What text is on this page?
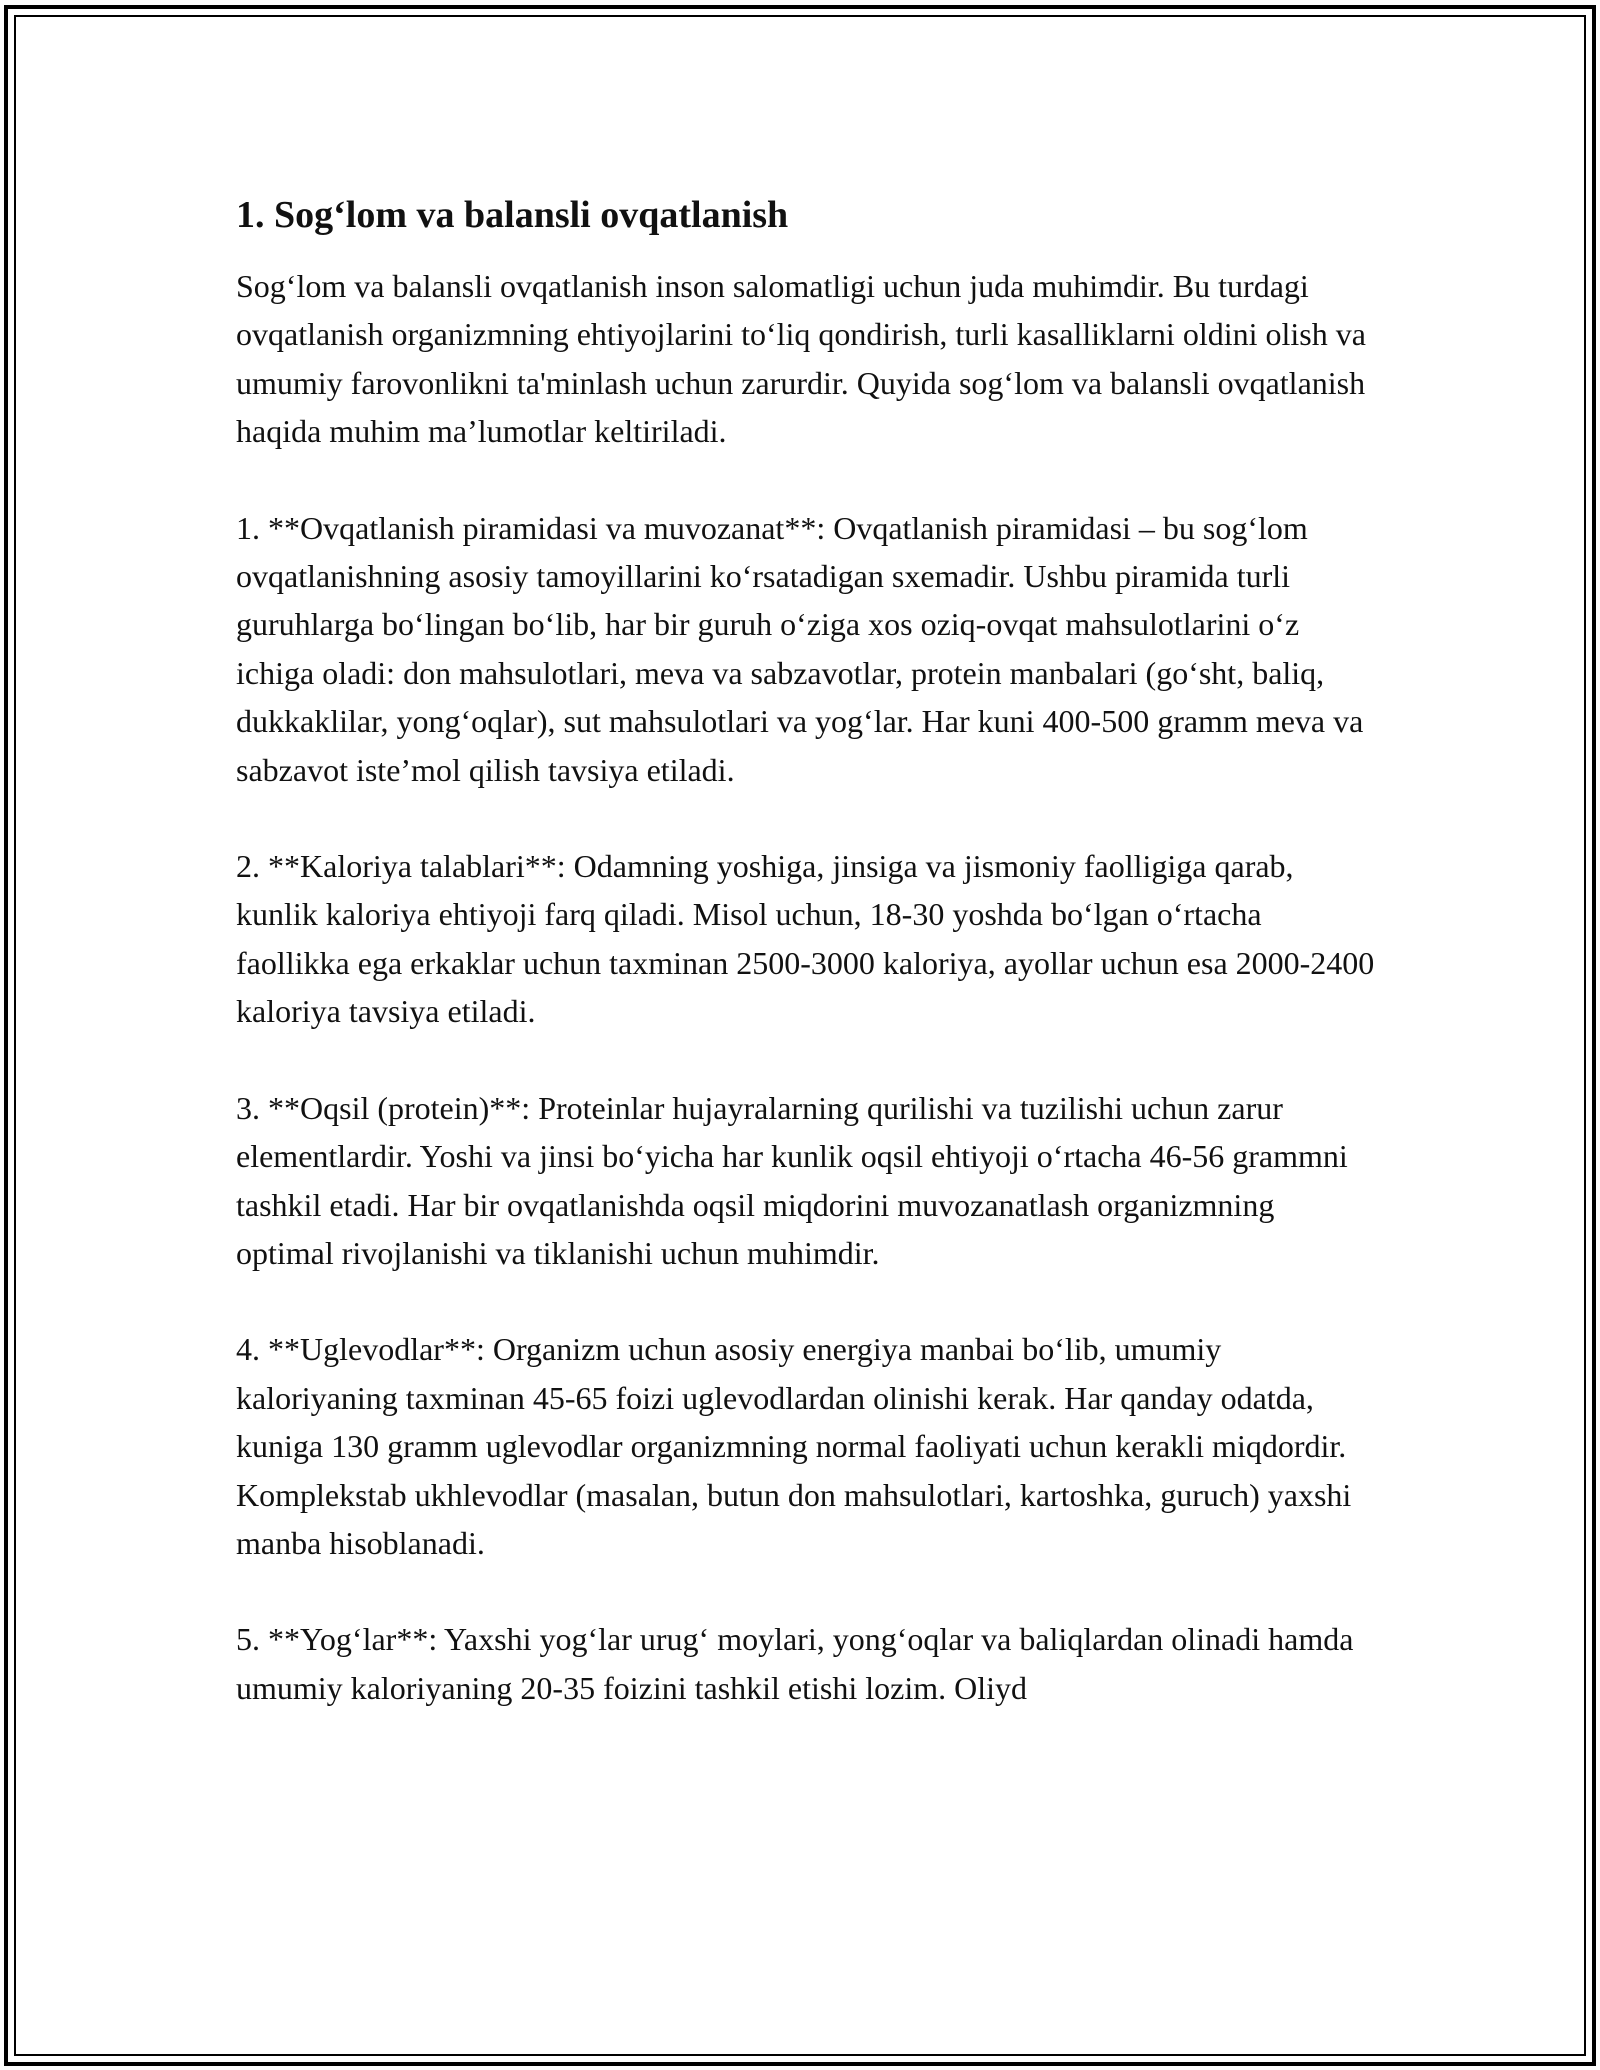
1. Sog‘lom va balansli ovqatlanish

Sog‘lom va balansli ovqatlanish inson salomatligi uchun juda muhimdir. Bu turdagi ovqatlanish organizmning ehtiyojlarini to‘liq qondirish, turli kasalliklarni oldini olish va umumiy farovonlikni ta'minlash uchun zarurdir. Quyida sog‘lom va balansli ovqatlanish haqida muhim ma’lumotlar keltiriladi.

1. **Ovqatlanish piramidasi va muvozanat**: Ovqatlanish piramidasi – bu sog‘lom ovqatlanishning asosiy tamoyillarini ko‘rsatadigan sxemadir. Ushbu piramida turli guruhlarga bo‘lingan bo‘lib, har bir guruh o‘ziga xos oziq-ovqat mahsulotlarini o‘z ichiga oladi: don mahsulotlari, meva va sabzavotlar, protein manbalari (go‘sht, baliq, dukkaklilar, yong‘oqlar), sut mahsulotlari va yog‘lar. Har kuni 400-500 gramm meva va sabzavot iste’mol qilish tavsiya etiladi.

2. **Kaloriya talablari**: Odamning yoshiga, jinsiga va jismoniy faolligiga qarab, kunlik kaloriya ehtiyoji farq qiladi. Misol uchun, 18-30 yoshda bo‘lgan o‘rtacha faollikka ega erkaklar uchun taxminan 2500-3000 kaloriya, ayollar uchun esa 2000-2400 kaloriya tavsiya etiladi.

3. **Oqsil (protein)**: Proteinlar hujayralarning qurilishi va tuzilishi uchun zarur elementlardir. Yoshi va jinsi bo‘yicha har kunlik oqsil ehtiyoji o‘rtacha 46-56 grammni tashkil etadi. Har bir ovqatlanishda oqsil miqdorini muvozanatlash organizmning optimal rivojlanishi va tiklanishi uchun muhimdir.

4. **Uglevodlar**: Organizm uchun asosiy energiya manbai bo‘lib, umumiy kaloriyaning taxminan 45-65 foizi uglevodlardan olinishi kerak. Har qanday odatda, kuniga 130 gramm uglevodlar organizmning normal faoliyati uchun kerakli miqdordir. Komplekstab ukhlevodlar (masalan, butun don mahsulotlari, kartoshka, guruch) yaxshi manba hisoblanadi.

5. **Yog‘lar**: Yaxshi yog‘lar urug‘ moylari, yong‘oqlar va baliqlardan olinadi hamda umumiy kaloriyaning 20-35 foizini tashkil etishi lozim. Oliyd
